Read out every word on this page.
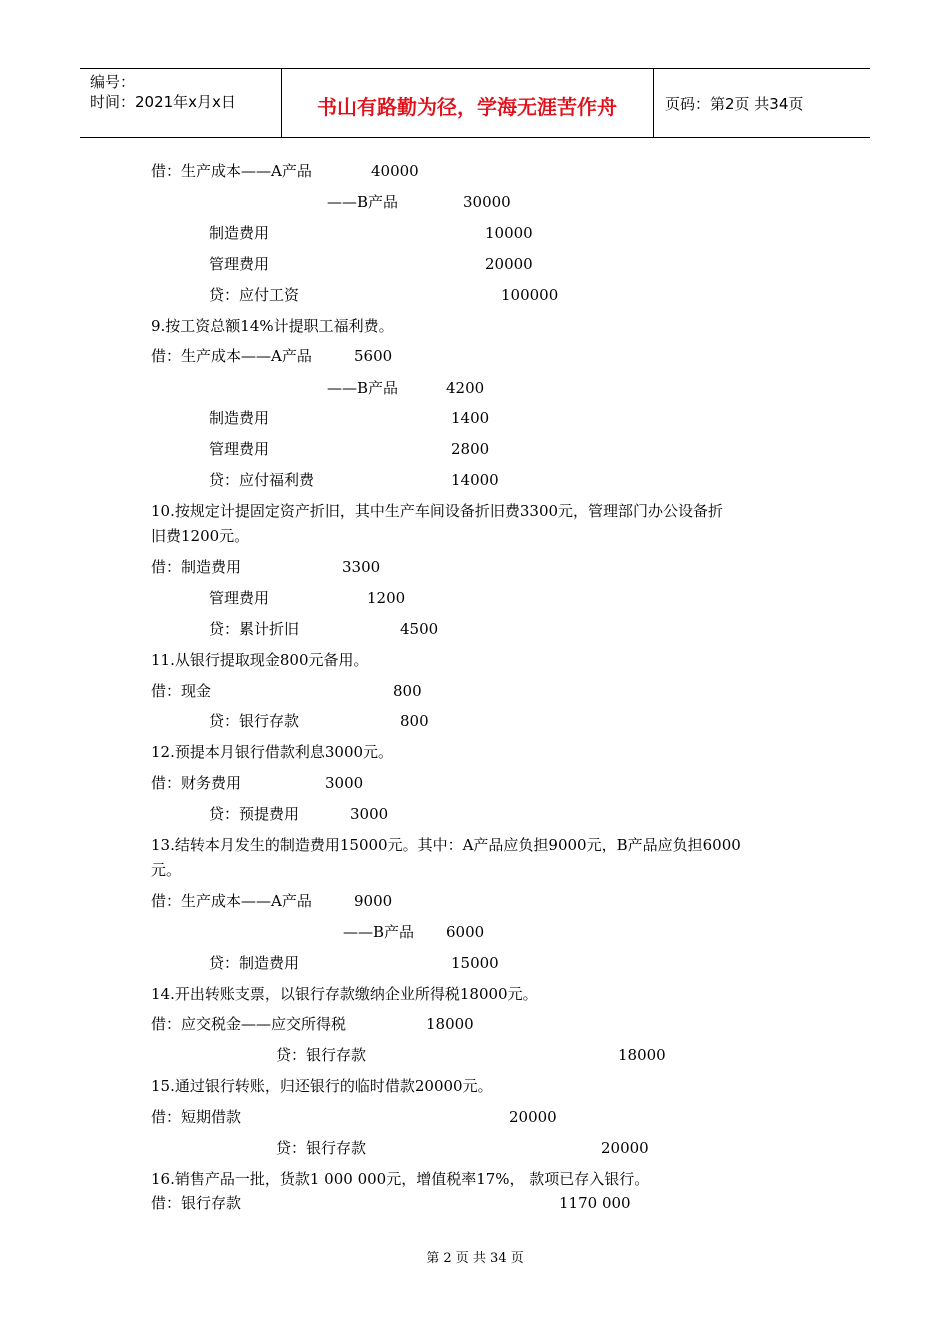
编号：
时间：2021年x月x日	书山有路勤为径，学海无涯苦作舟	页码：第2页 共34页
借：生产成本——A产品	40000
——B产品	30000
制造费用	10000
管理费用	20000
贷：应付工资	100000
9.按工资总额14%计提职工福利费。
借：生产成本——A产品	5600
——B产品	4200
制造费用	1400
管理费用	2800
贷：应付福利费	14000
10.按规定计提固定资产折旧，其中生产车间设备折旧费3300元，管理部门办公设备折
旧费1200元。
借：制造费用	3300
管理费用	1200
贷：累计折旧	4500
11.从银行提取现金800元备用。
借：现金	800
贷：银行存款	800
12.预提本月银行借款利息3000元。
借：财务费用	3000
贷：预提费用	3000
13.结转本月发生的制造费用15000元。其中：A产品应负担9000元，B产品应负担6000
元。
借：生产成本——A产品	9000
——B产品 6000
贷：制造费用	15000
14.开出转账支票，以银行存款缴纳企业所得税18000元。
借：应交税金——应交所得税	18000
贷：银行存款	18000
15.通过银行转账，归还银行的临时借款20000元。
借：短期借款	20000
贷：银行存款	20000
16.销售产品一批，货款1 000 000元，增值税率17%， 款项已存入银行。
借：银行存款	1170 000
第 2 页 共 34 页
